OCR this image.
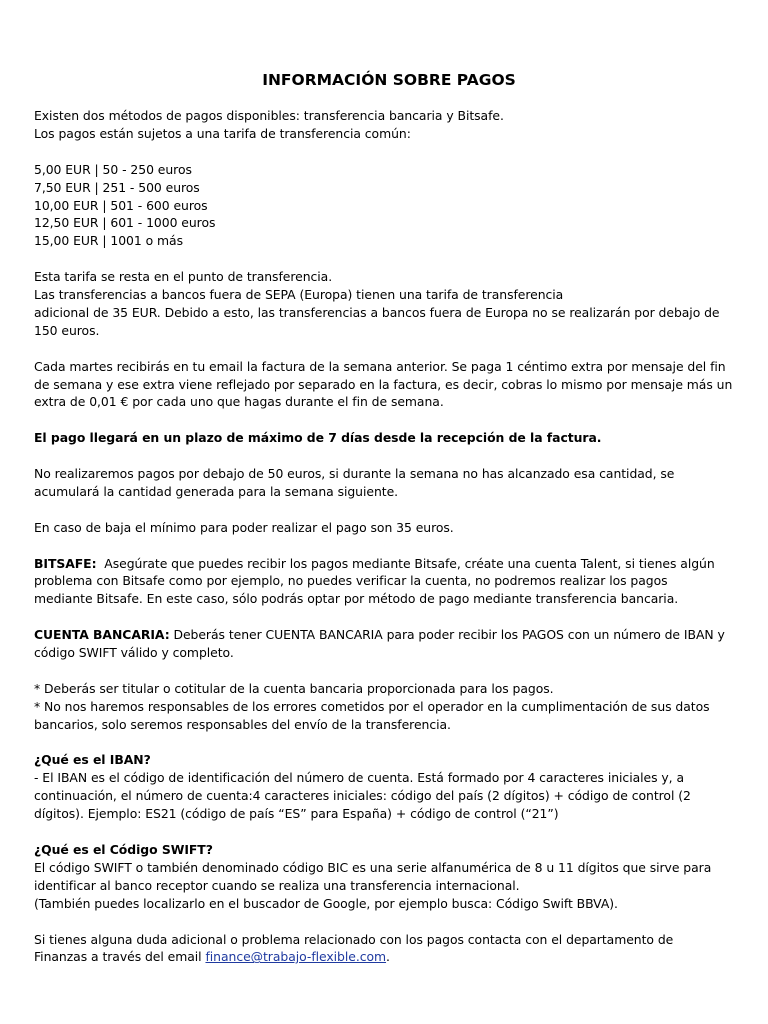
INFORMACIÓN SOBRE PAGOS
Existen dos métodos de pagos disponibles: transferencia bancaria y Bitsafe.
Los pagos están sujetos a una tarifa de transferencia común:
5,00 EUR | 50 - 250 euros
7,50 EUR | 251 - 500 euros
10,00 EUR | 501 - 600 euros
12,50 EUR | 601 - 1000 euros
15,00 EUR | 1001 o más
Esta tarifa se resta en el punto de transferencia.
Las transferencias a bancos fuera de SEPA (Europa) tienen una tarifa de transferencia
adicional de 35 EUR. Debido a esto, las transferencias a bancos fuera de Europa no se realizarán por debajo de
150 euros.
Cada martes recibirás en tu email la factura de la semana anterior. Se paga 1 céntimo extra por mensaje del fin
de semana y ese extra viene reflejado por separado en la factura, es decir, cobras lo mismo por mensaje más un
extra de 0,01 € por cada uno que hagas durante el fin de semana.
El pago llegará en un plazo de máximo de 7 días desde la recepción de la factura.
No realizaremos pagos por debajo de 50 euros, si durante la semana no has alcanzado esa cantidad, se
acumulará la cantidad generada para la semana siguiente.
En caso de baja el mínimo para poder realizar el pago son 35 euros.
BITSAFE:  Asegúrate que puedes recibir los pagos mediante Bitsafe, créate una cuenta Talent, si tienes algún
problema con Bitsafe como por ejemplo, no puedes verificar la cuenta, no podremos realizar los pagos
mediante Bitsafe. En este caso, sólo podrás optar por método de pago mediante transferencia bancaria.
CUENTA BANCARIA: Deberás tener CUENTA BANCARIA para poder recibir los PAGOS con un número de IBAN y
código SWIFT válido y completo.
* Deberás ser titular o cotitular de la cuenta bancaria proporcionada para los pagos.
* No nos haremos responsables de los errores cometidos por el operador en la cumplimentación de sus datos
bancarios, solo seremos responsables del envío de la transferencia.
¿Qué es el IBAN?
- El IBAN es el código de identificación del número de cuenta. Está formado por 4 caracteres iniciales y, a
continuación, el número de cuenta:4 caracteres iniciales: código del país (2 dígitos) + código de control (2
dígitos). Ejemplo: ES21 (código de país “ES” para España) + código de control (“21”)
¿Qué es el Código SWIFT?
El código SWIFT o también denominado código BIC es una serie alfanumérica de 8 u 11 dígitos que sirve para
identificar al banco receptor cuando se realiza una transferencia internacional.
(También puedes localizarlo en el buscador de Google, por ejemplo busca: Código Swift BBVA).
Si tienes alguna duda adicional o problema relacionado con los pagos contacta con el departamento de
Finanzas a través del email finance@trabajo-flexible.com.
